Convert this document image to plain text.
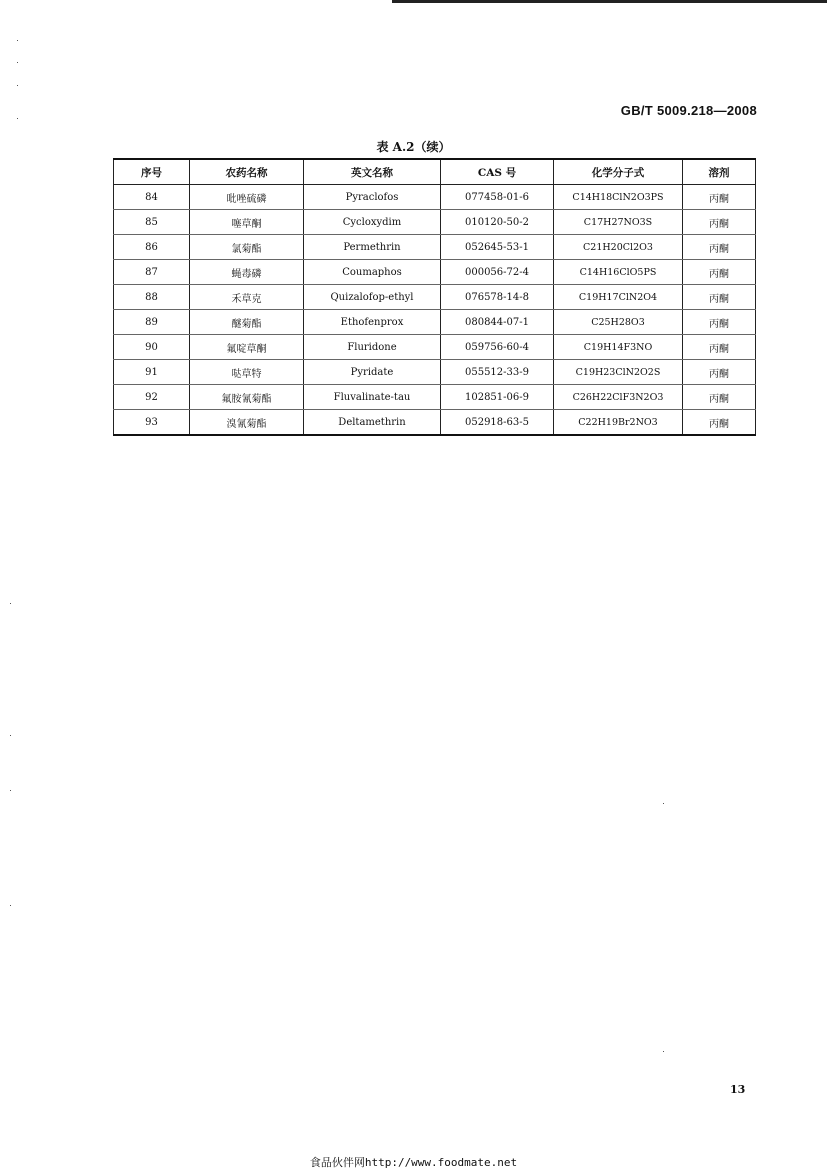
GB/T 5009.218—2008
表 A.2（续）
序号	农药名称	英文名称	CAS 号	化学分子式	溶剂
84	吡唑硫磷	Pyraclofos	077458-01-6	C14H18ClN2O3PS	丙酮
85	噻草酮	Cycloxydim	010120-50-2	C17H27NO3S	丙酮
86	氯菊酯	Permethrin	052645-53-1	C21H20Cl2O3	丙酮
87	蝇毒磷	Coumaphos	000056-72-4	C14H16ClO5PS	丙酮
88	禾草克	Quizalofop-ethyl	076578-14-8	C19H17ClN2O4	丙酮
89	醚菊酯	Ethofenprox	080844-07-1	C25H28O3	丙酮
90	氟啶草酮	Fluridone	059756-60-4	C19H14F3NO	丙酮
91	哒草特	Pyridate	055512-33-9	C19H23ClN2O2S	丙酮
92	氟胺氰菊酯	Fluvalinate-tau	102851-06-9	C26H22ClF3N2O3	丙酮
93	溴氰菊酯	Deltamethrin	052918-63-5	C22H19Br2NO3	丙酮
13
食品伙伴网http://www.foodmate.net
